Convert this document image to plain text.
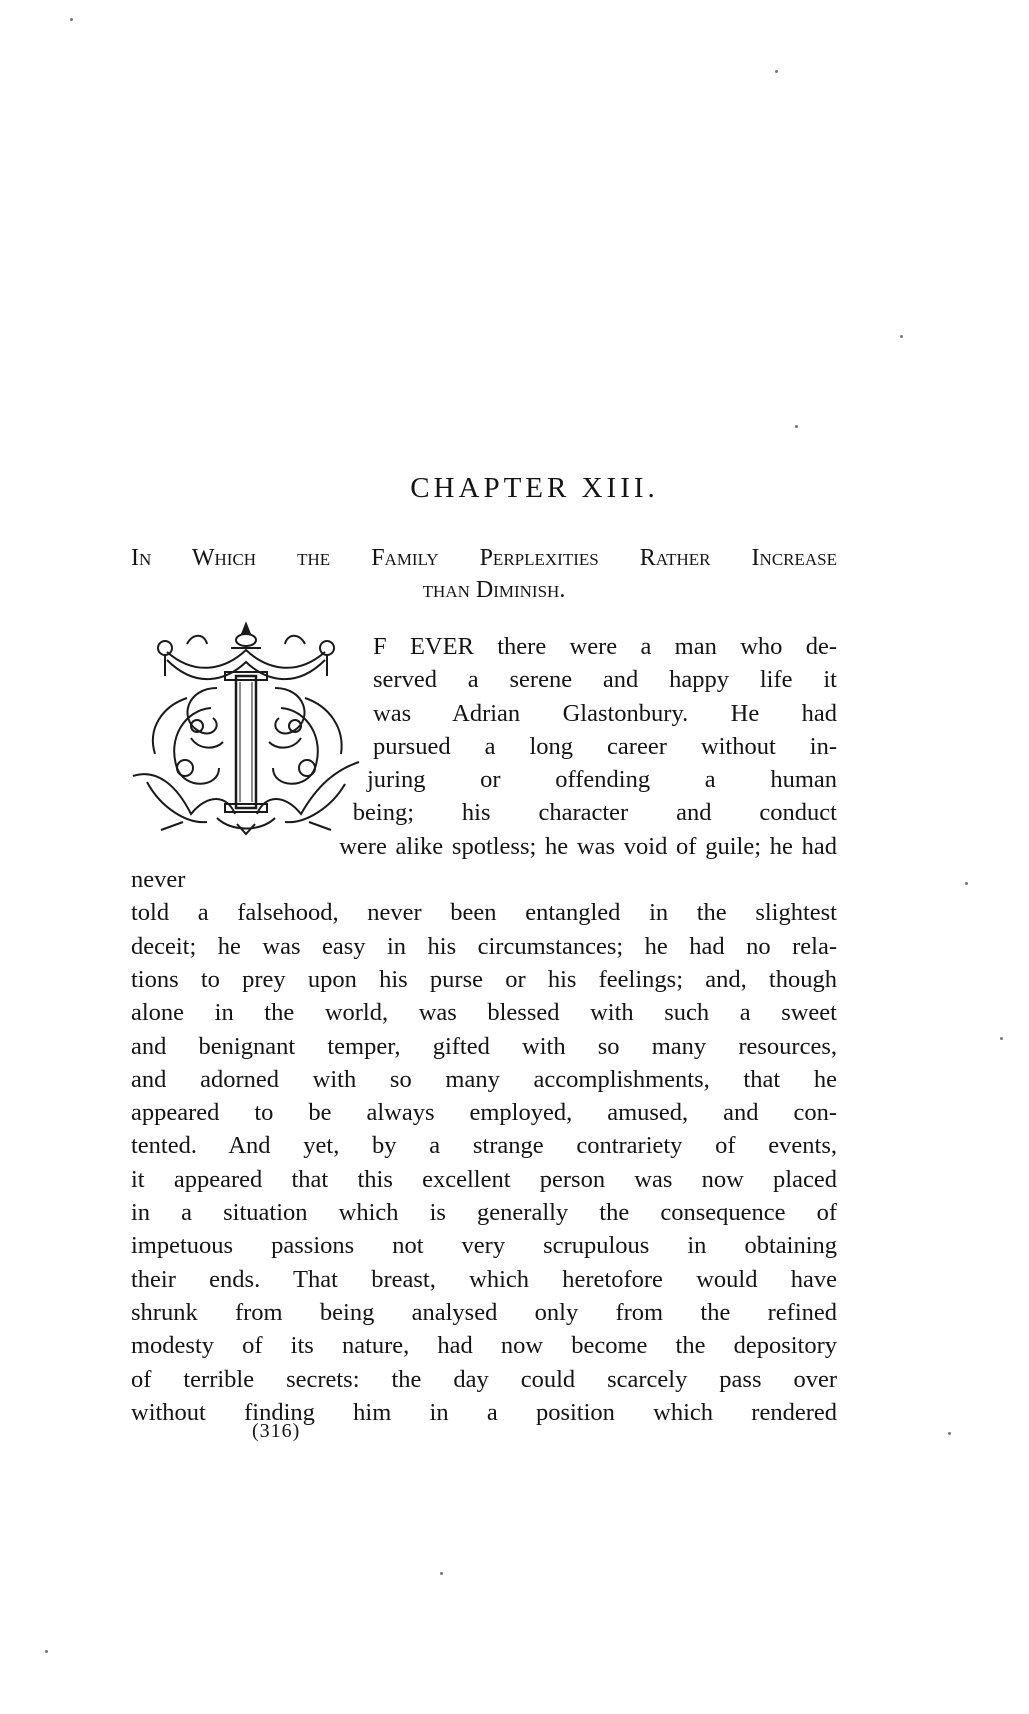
CHAPTER XIII.
In Which the Family Perplexities Rather Increase
than Diminish.
F EVER there were a man who de-
served a serene and happy life it
was Adrian Glastonbury. He had
pursued a long career without in-
juring or offending a human
being; his character and conduct
were alike spotless; he was void of guile; he had never
told a falsehood, never been entangled in the slightest
deceit; he was easy in his circumstances; he had no rela-
tions to prey upon his purse or his feelings; and, though
alone in the world, was blessed with such a sweet
and benignant temper, gifted with so many resources,
and adorned with so many accomplishments, that he
appeared to be always employed, amused, and con-
tented. And yet, by a strange contrariety of events,
it appeared that this excellent person was now placed
in a situation which is generally the consequence of
impetuous passions not very scrupulous in obtaining
their ends. That breast, which heretofore would have
shrunk from being analysed only from the refined
modesty of its nature, had now become the depository
of terrible secrets: the day could scarcely pass over
without finding him in a position which rendered
(316)
